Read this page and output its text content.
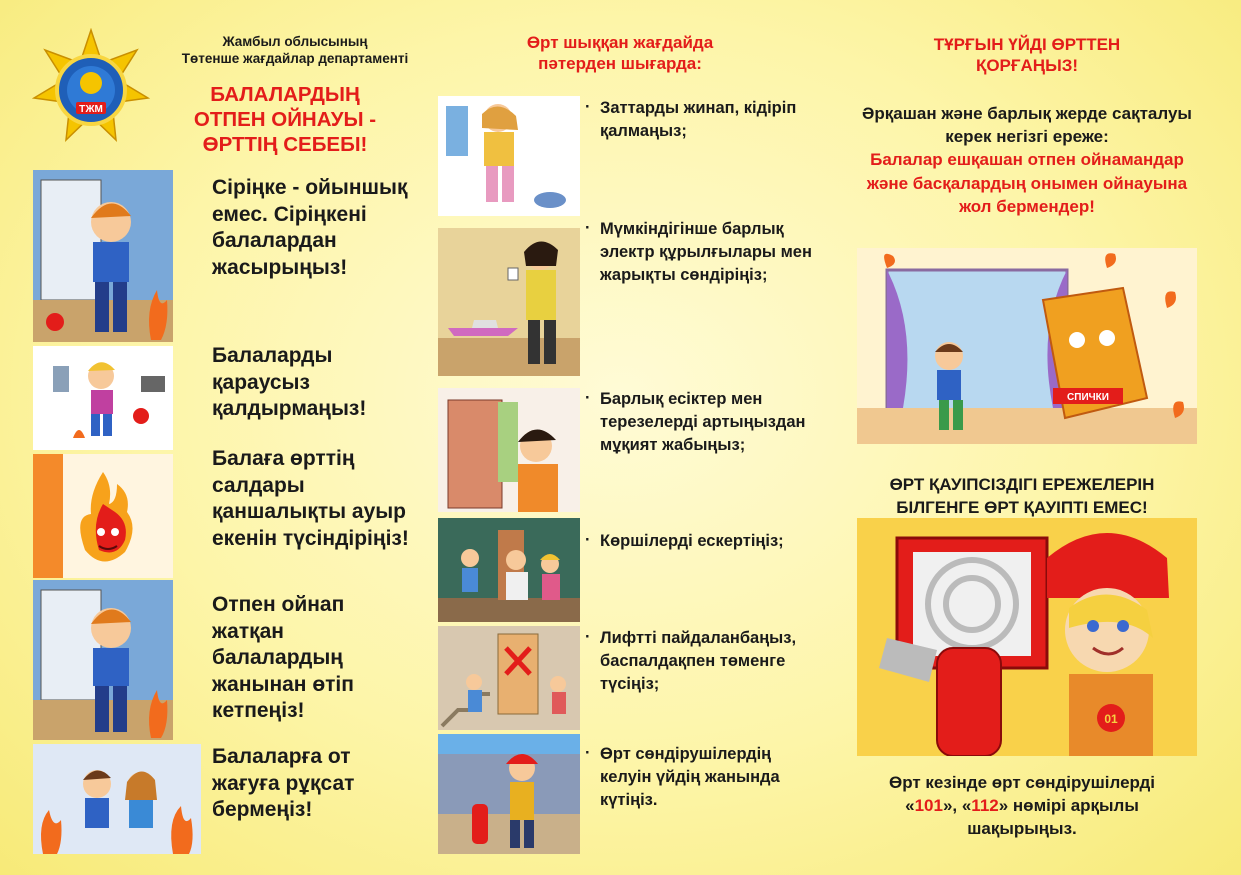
ТЖМ
Жамбыл облысының
Төтенше жағдайлар департаменті
БАЛАЛАРДЫҢ
ОТПЕН ОЙНАУЫ -
ӨРТТІҢ СЕБЕБІ!
Сіріңке - ойыншық емес. Сіріңкені балалардан жасырыңыз!
Балаларды қараусыз қалдырмаңыз!
Балаға өрттің салдары қаншалықты ауыр екенін түсіндіріңіз!
Отпен ойнап жатқан балалардың жанынан өтіп кетпеңіз!
Балаларға от жағуға рұқсат бермеңіз!
Өрт шыққан жағдайда
пәтерден шығарда:
· Заттарды жинап, кідіріп қалмаңыз;
· Мүмкіндігінше барлық электр құрылғылары мен жарықты сөндіріңіз;
· Барлық есіктер мен терезелерді артыңыздан мұқият жабыңыз;
· Көршілерді ескертіңіз;
· Лифтті пайдаланбаңыз, баспалдақпен төменге түсіңіз;
· Өрт сөндірушілердің келуін үйдің жанында күтіңіз.
ТҰРҒЫН ҮЙДІ ӨРТТЕН
ҚОРҒАҢЫЗ!
Әрқашан және барлық жерде сақталуы керек негізгі ереже:
Балалар ешқашан отпен ойнамандар және басқалардың онымен ойнауына жол бермендер!
СПИЧКИ
ӨРТ ҚАУІПСІЗДІГІ ЕРЕЖЕЛЕРІН
БІЛГЕНГЕ ӨРТ ҚАУІПТІ ЕМЕС!
01
Өрт кезінде өрт сөндірушілерді
«101», «112» нөмірі арқылы
шақырыңыз.
